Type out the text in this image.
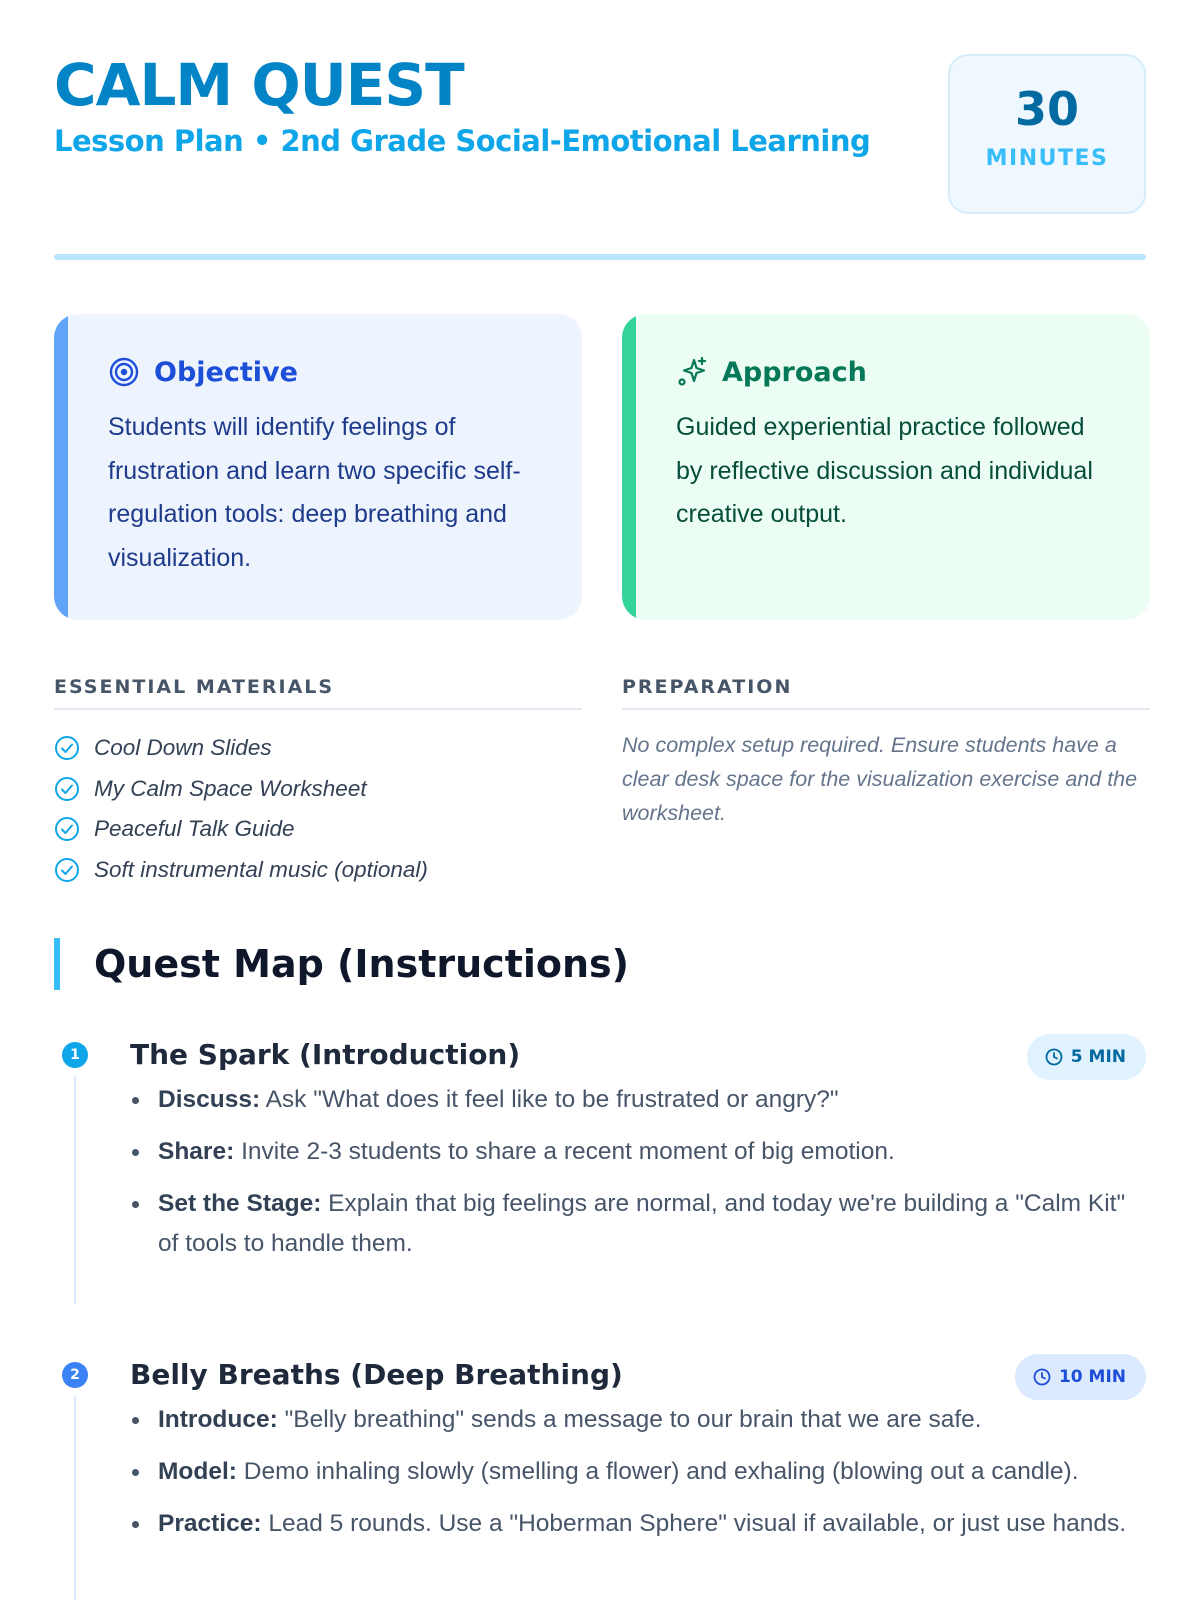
CALM QUEST
Lesson Plan • 2nd Grade Social-Emotional Learning
30
MINUTES
Objective

Students will identify feelings of frustration and learn two specific self-regulation tools: deep breathing and visualization.

Approach

Guided experiential practice followed by reflective discussion and individual creative output.

ESSENTIAL MATERIALS
Cool Down Slides
My Calm Space Worksheet
Peaceful Talk Guide
Soft instrumental music (optional)
PREPARATION

No complex setup required. Ensure students have a clear desk space for the visualization exercise and the worksheet.

Quest Map (Instructions)
1 The Spark (Introduction)	5 MIN
Discuss: Ask "What does it feel like to be frustrated or angry?"
Share: Invite 2-3 students to share a recent moment of big emotion.
Set the Stage: Explain that big feelings are normal, and today we're building a "Calm Kit" of tools to handle them.
2 Belly Breaths (Deep Breathing)	10 MIN
Introduce: "Belly breathing" sends a message to our brain that we are safe.
Model: Demo inhaling slowly (smelling a flower) and exhaling (blowing out a candle).
Practice: Lead 5 rounds. Use a "Hoberman Sphere" visual if available, or just use hands.
